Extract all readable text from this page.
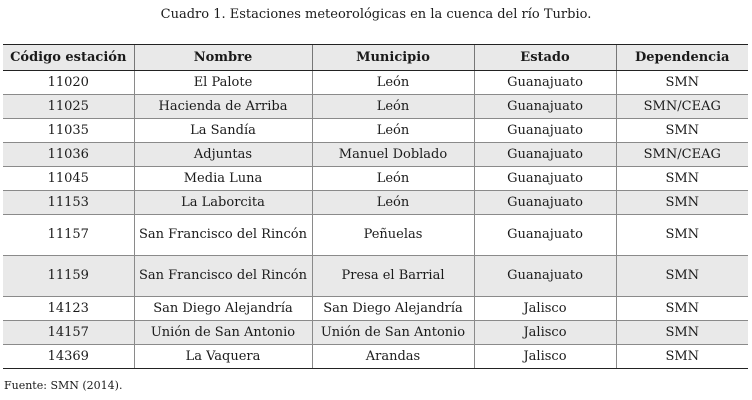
Cuadro 1. Estaciones meteorológicas en la cuenca del río Turbio.
Código estación	Nombre	Municipio	Estado	Dependencia
11020	El Palote	León	Guanajuato	SMN
11025	Hacienda de Arriba	León	Guanajuato	SMN/CEAG
11035	La Sandía	León	Guanajuato	SMN
11036	Adjuntas	Manuel Doblado	Guanajuato	SMN/CEAG
11045	Media Luna	León	Guanajuato	SMN
11153	La Laborcita	León	Guanajuato	SMN
11157	San Francisco del Rincón	Peñuelas	Guanajuato	SMN
11159	San Francisco del Rincón	Presa el Barrial	Guanajuato	SMN
14123	San Diego Alejandría	San Diego Alejandría	Jalisco	SMN
14157	Unión de San Antonio	Unión de San Antonio	Jalisco	SMN
14369	La Vaquera	Arandas	Jalisco	SMN
Fuente: SMN (2014).
